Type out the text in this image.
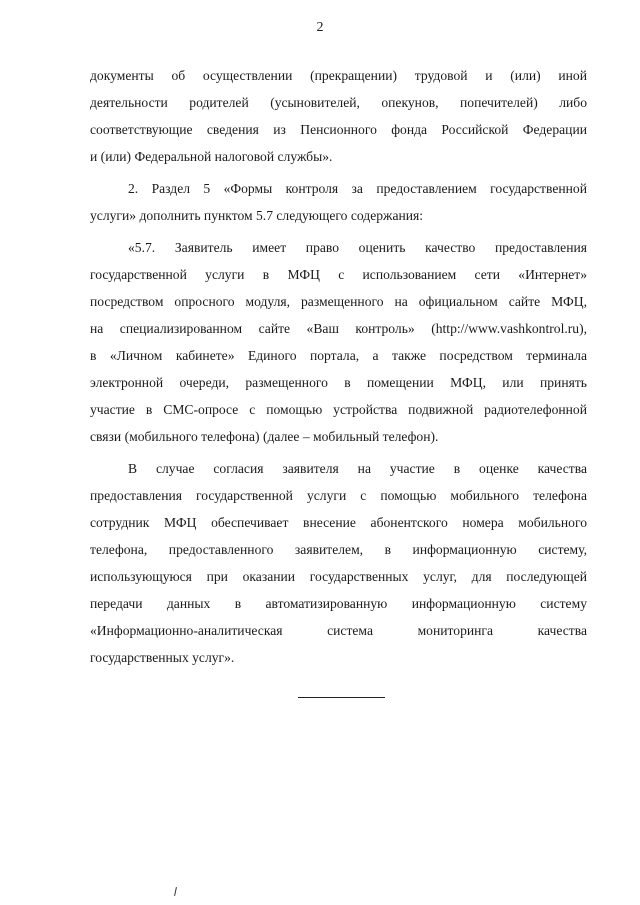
2
документы об осуществлении (прекращении) трудовой и (или) иной
деятельности родителей (усыновителей, опекунов, попечителей) либо
соответствующие сведения из Пенсионного фонда Российской Федерации
и (или) Федеральной налоговой службы».
2. Раздел 5 «Формы контроля за предоставлением государственной
услуги» дополнить пунктом 5.7 следующего содержания:
«5.7. Заявитель имеет право оценить качество предоставления
государственной услуги в МФЦ с использованием сети «Интернет»
посредством опросного модуля, размещенного на официальном сайте МФЦ,
на специализированном сайте «Ваш контроль» (http://www.vashkontrol.ru),
в «Личном кабинете» Единого портала, а также посредством терминала
электронной очереди, размещенного в помещении МФЦ, или принять
участие в СМС-опросе с помощью устройства подвижной радиотелефонной
связи (мобильного телефона) (далее – мобильный телефон).
В случае согласия заявителя на участие в оценке качества
предоставления государственной услуги с помощью мобильного телефона
сотрудник МФЦ обеспечивает внесение абонентского номера мобильного
телефона, предоставленного заявителем, в информационную систему,
использующуюся при оказании государственных услуг, для последующей
передачи данных в автоматизированную информационную систему
«Информационно-аналитическая система мониторинга качества
государственных услуг».
